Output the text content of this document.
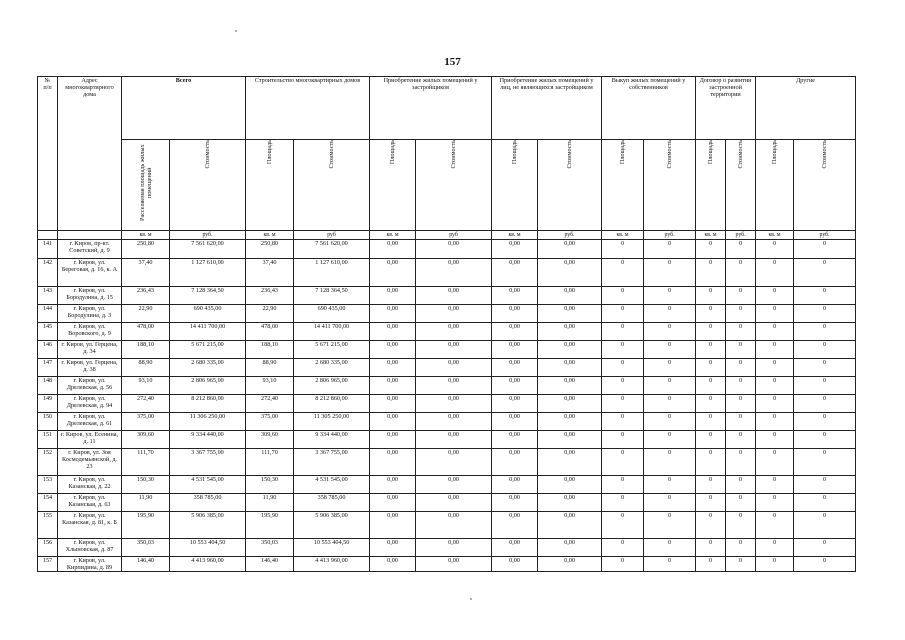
157
№
п/п	Адрес многоквартирного дома	Всего		Строительство многоквартирных домов		Приобретение жилых помещений у застройщиков		Приобретение жилых помещений у лиц, не являющихся застройщиком		Выкуп жилых помещений у собственников		Договор о развитии застроенной территории		Другие	

		Расселяемая площадь жилых помещений	Стоимость	Площадь	Стоимость	Площадь	Стоимость	Площадь	Стоимость	Площадь	Стоимость	Площадь	Стоимость	Площадь	Стоимость

		кв. м	руб.	кв. м	руб	кв. м	руб	кв. м	руб.	кв. м	руб.	кв. м	руб.	кв. м	руб.
141	г. Киров, пр-кт. Советский, д. 9	250,80	7 561 620,00	250,80	7 561 620,00	0,00	0,00	0,00	0,00	0	0	0	0	0	0
142	г. Киров, ул. Береговая, д. 16, к. А	37,40	1 127 610,00	37,40	1 127 610,00	0,00	0,00	0,00	0,00	0	0	0	0	0	0
143	г. Киров, ул. Бородулина, д. 15	236,43	7 128 364,50	236,43	7 128 364,50	0,00	0,00	0,00	0,00	0	0	0	0	0	0
144	г. Киров, ул. Бородулина, д. 3	22,90	690 435,00	22,90	690 435,00	0,00	0,00	0,00	0,00	0	0	0	0	0	0
145	г. Киров, ул. Воровского, д. 9	478,00	14 411 700,00	478,00	14 411 700,00	0,00	0,00	0,00	0,00	0	0	0	0	0	0
146	г. Киров, ул. Герцена, д. 34	188,10	5 671 215,00	188,10	5 671 215,00	0,00	0,00	0,00	0,00	0	0	0	0	0	0
147	г. Киров, ул. Герцена, д. 38	88,90	2 680 335,00	88,90	2 680 335,00	0,00	0,00	0,00	0,00	0	0	0	0	0	0
148	г. Киров, ул. Дрелевская, д. 56	93,10	2 806 965,00	93,10	2 806 965,00	0,00	0,00	0,00	0,00	0	0	0	0	0	0
149	г. Киров, ул. Дрелевская, д. 94	272,40	8 212 860,00	272,40	8 212 860,00	0,00	0,00	0,00	0,00	0	0	0	0	0	0
150	г. Киров, ул. Дрелевская, д. 61	375,00	11 306 250,00	375,00	11 305 250,00	0,00	0,00	0,00	0,00	0	0	0	0	0	0
151	г. Киров, ул. Есенина, д. 11	309,60	9 334 440,00	309,60	9 334 440,00	0,00	0,00	0,00	0,00	0	0	0	0	0	0
152	г. Киров, ул. Зоя Космодемьянской, д. 23	111,70	3 367 755,00	111,70	3 367 755,00	0,00	0,00	0,00	0,00	0	0	0	0	0	0
153	г. Киров, ул. Казанская, д. 22	150,30	4 531 545,00	150,30	4 531 545,00	0,00	0,00	0,00	0,00	0	0	0	0	0	0
154	г. Киров, ул. Казанская, д. 63	11,90	358 785,00	11,90	358 785,00	0,00	0,00	0,00	0,00	0	0	0	0	0	0
155	г. Киров, ул. Казанская, д. 81, к. Б	195,90	5 906 385,00	195,90	5 906 385,00	0,00	0,00	0,00	0,00	0	0	0	0	0	0
156	г. Киров, ул. Хлыновская, д. 87	350,03	10 553 404,50	350,03	10 553 404,50	0,00	0,00	0,00	0,00	0	0	0	0	0	0
157	г. Киров, ул. Кирпидина, д. 89	146,40	4 413 960,00	146,40	4 413 960,00	0,00	0,00	0,00	0,00	0	0	0	0	0	0
